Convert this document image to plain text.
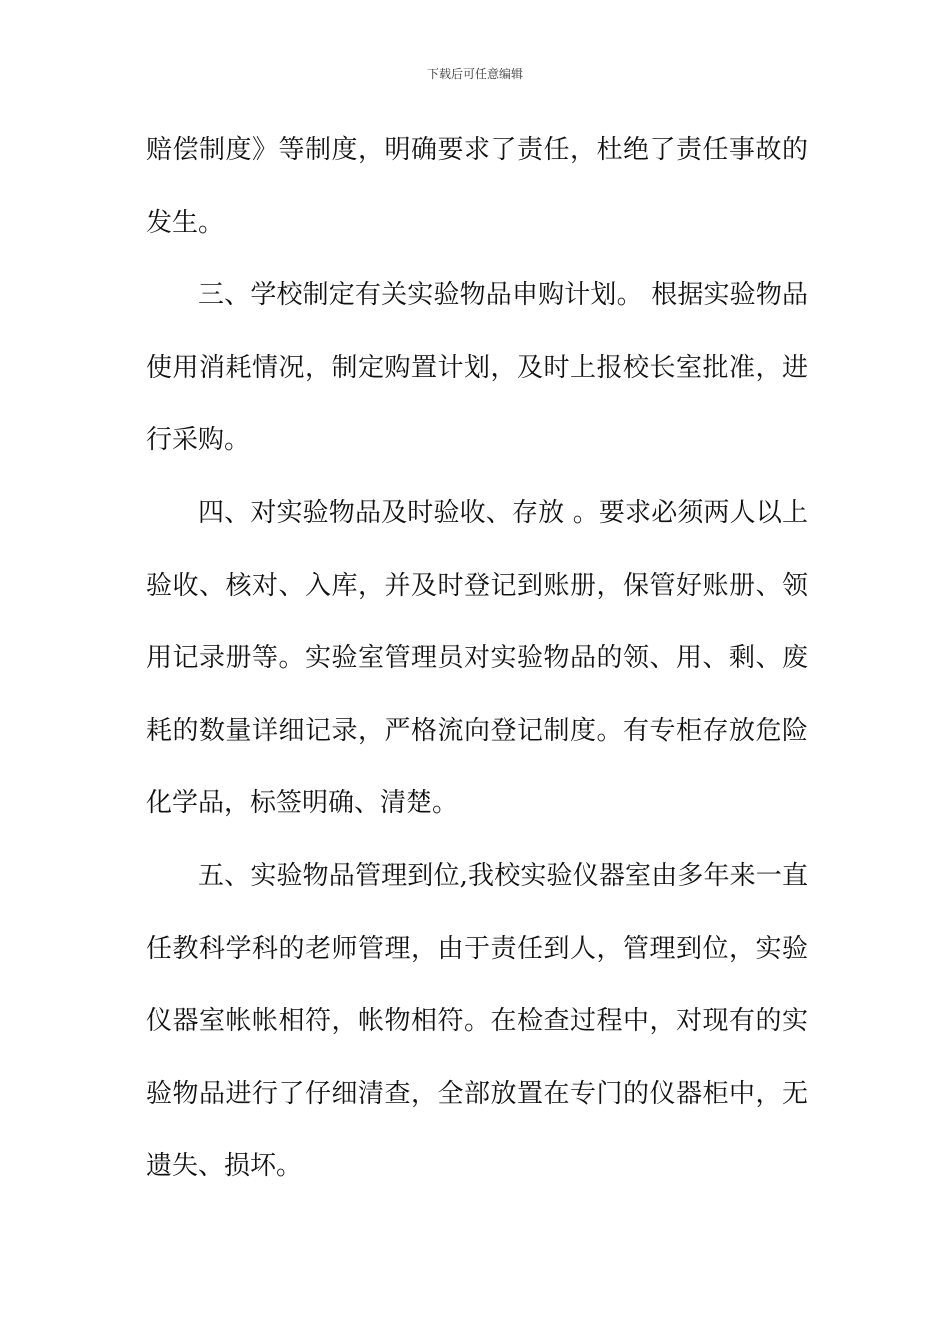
下载后可任意编辑
赔偿制度》等制度，明确要求了责任，杜绝了责任事故的
发生。
三、学校制定有关实验物品申购计划。 根据实验物品
使用消耗情况，制定购置计划，及时上报校长室批准，进
行采购。
四、对实验物品及时验收、存放 。要求必须两人以上
验收、核对、入库，并及时登记到账册，保管好账册、领
用记录册等。实验室管理员对实验物品的领、用、剩、废
耗的数量详细记录，严格流向登记制度。有专柜存放危险
化学品，标签明确、清楚。
五、实验物品管理到位,我校实验仪器室由多年来一直
任教科学科的老师管理，由于责任到人，管理到位，实验
仪器室帐帐相符，帐物相符。在检查过程中，对现有的实
验物品进行了仔细清查，全部放置在专门的仪器柜中，无
遗失、损坏。
